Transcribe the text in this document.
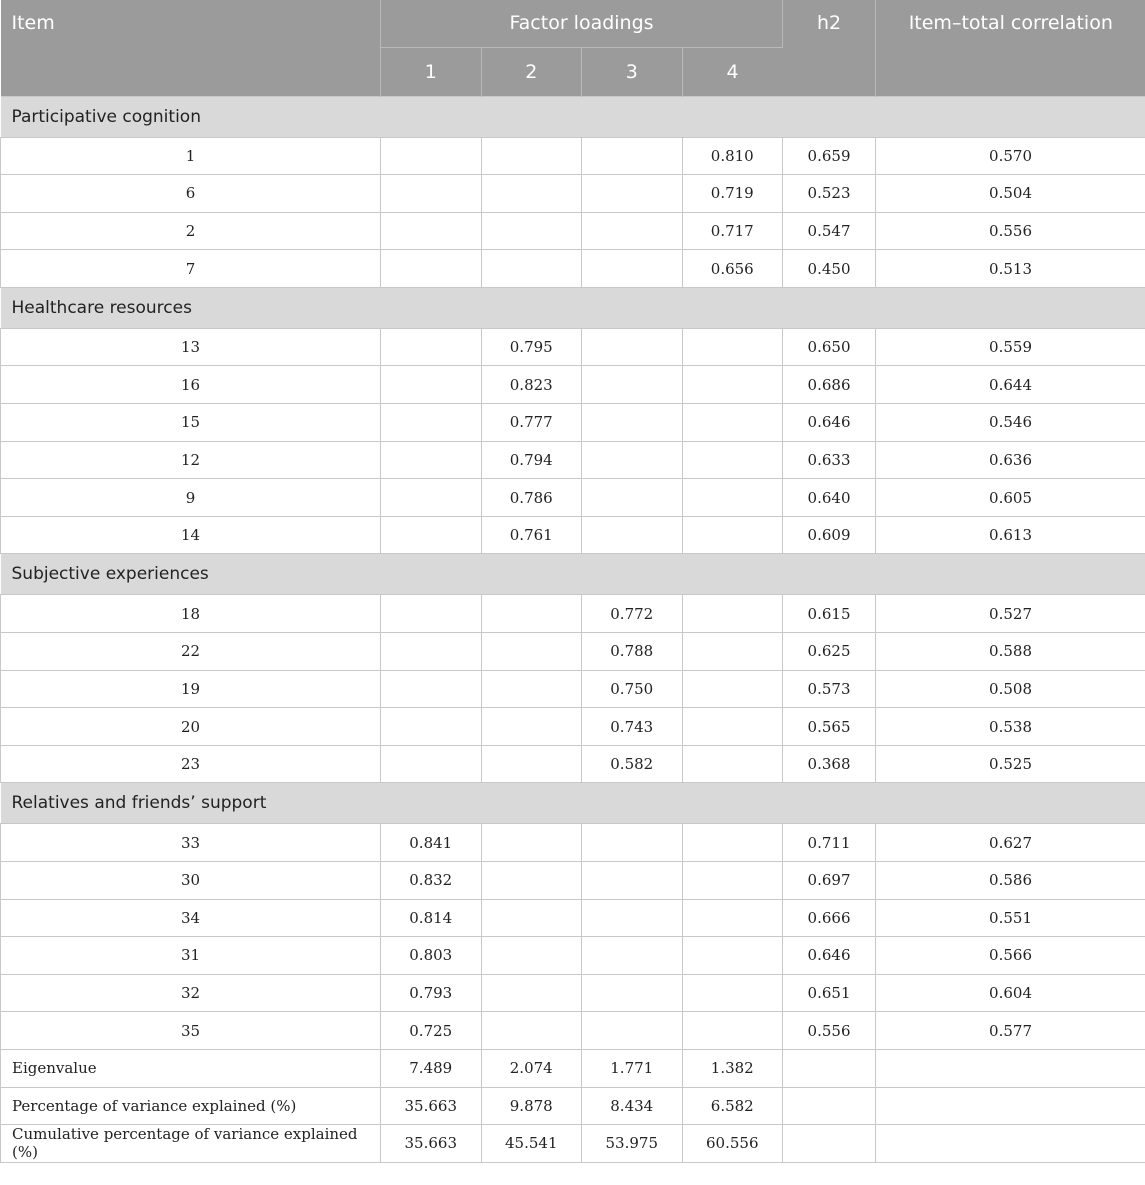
Item	Factor loadings				h2	Item–total correlation
	1	2	3	4		
Participative cognition						
1				0.810	0.659	0.570
6				0.719	0.523	0.504
2				0.717	0.547	0.556
7				0.656	0.450	0.513
Healthcare resources						
13		0.795			0.650	0.559
16		0.823			0.686	0.644
15		0.777			0.646	0.546
12		0.794			0.633	0.636
9		0.786			0.640	0.605
14		0.761			0.609	0.613
Subjective experiences						
18			0.772		0.615	0.527
22			0.788		0.625	0.588
19			0.750		0.573	0.508
20			0.743		0.565	0.538
23			0.582		0.368	0.525
Relatives and friends’ support						
33	0.841				0.711	0.627
30	0.832				0.697	0.586
34	0.814				0.666	0.551
31	0.803				0.646	0.566
32	0.793				0.651	0.604
35	0.725				0.556	0.577
Eigenvalue	7.489	2.074	1.771	1.382		
Percentage of variance explained (%)	35.663	9.878	8.434	6.582		
Cumulative percentage of variance explained (%)	35.663	45.541	53.975	60.556		
